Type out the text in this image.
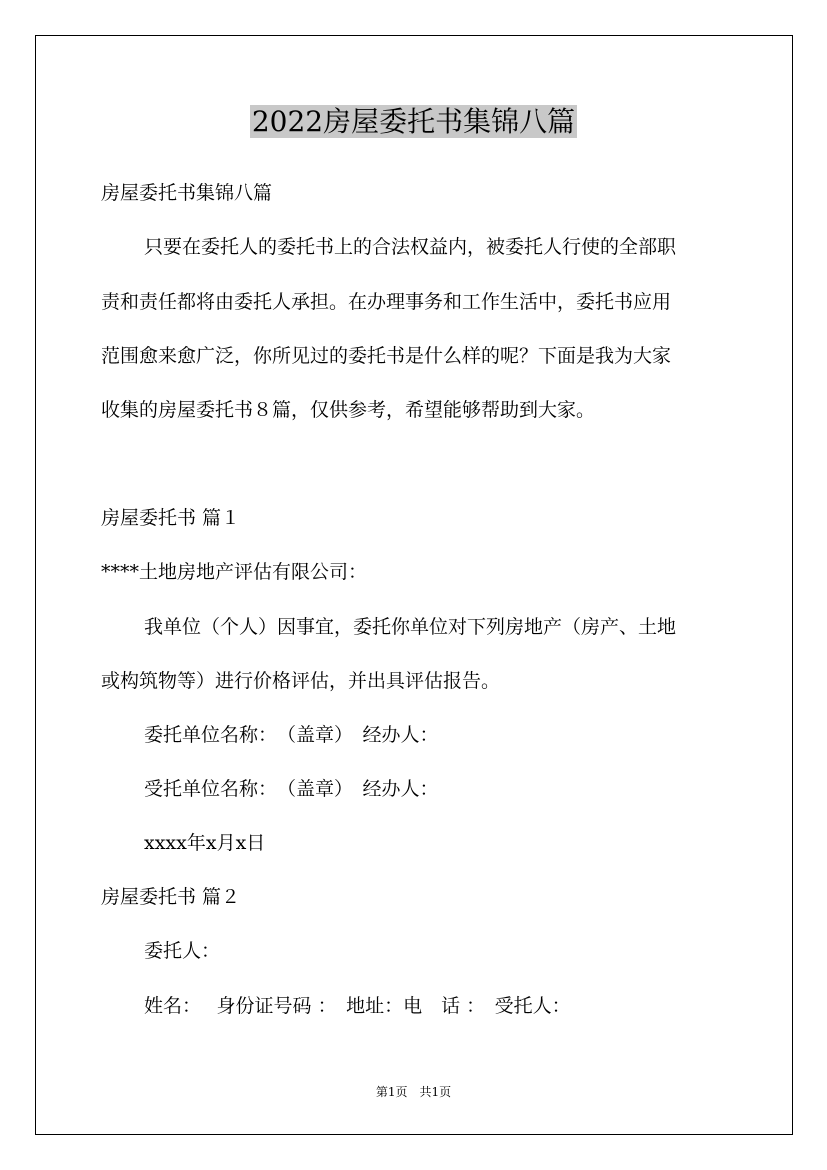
2022房屋委托书集锦八篇

房屋委托书集锦八篇

只要在委托人的委托书上的合法权益内，被委托人行使的全部职

责和责任都将由委托人承担。在办理事务和工作生活中，委托书应用

范围愈来愈广泛，你所见过的委托书是什么样的呢？下面是我为大家

收集的房屋委托书８篇，仅供参考，希望能够帮助到大家。

房屋委托书 篇１

****土地房地产评估有限公司：

我单位（个人）因事宜，委托你单位对下列房地产（房产、土地

或构筑物等）进行价格评估，并出具评估报告。

委托单位名称：　（盖章）　经办人：

受托单位名称：　（盖章）　经办人：

xxxx年x月x日

房屋委托书 篇２

委托人：

姓名：　 身份证号码 ：　地址：电　话 ：　受托人：

第1页　共1页
